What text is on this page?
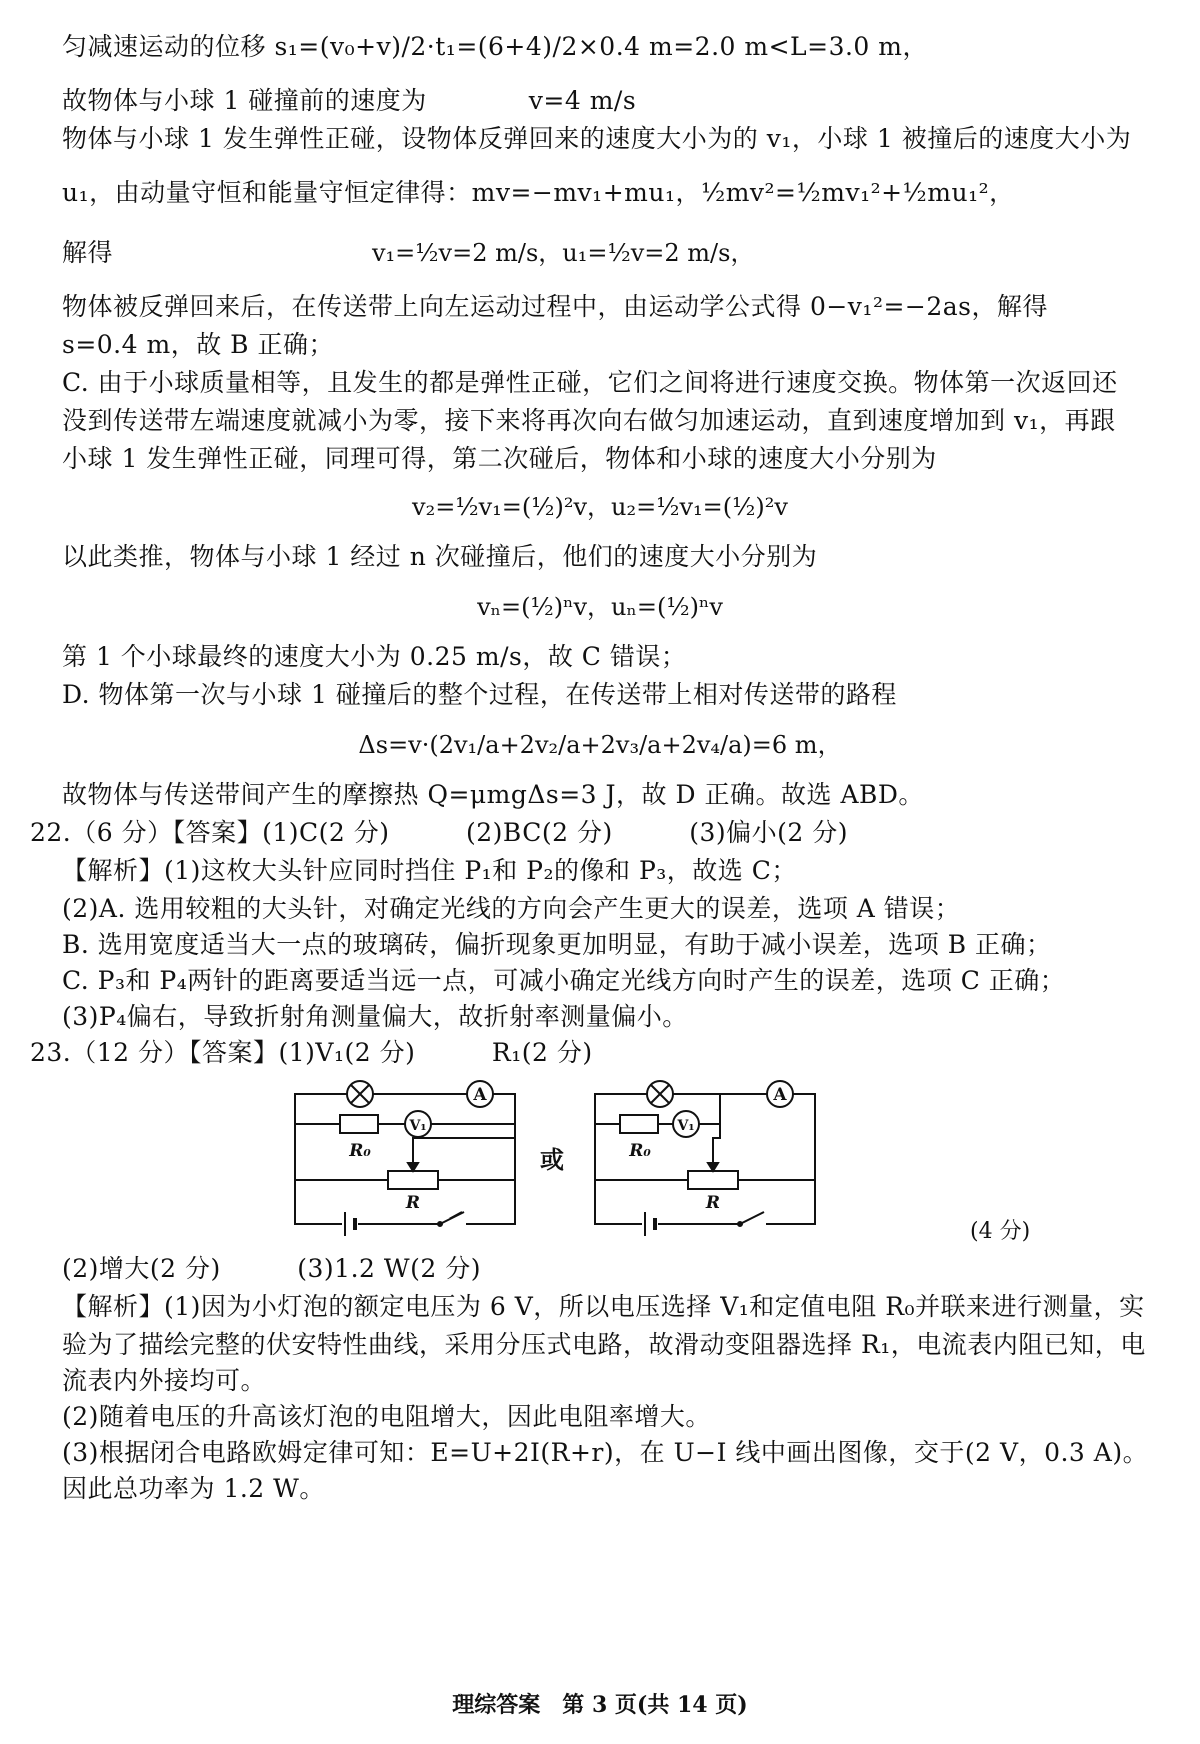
匀减速运动的位移 s₁=(v₀+v)/2·t₁=(6+4)/2×0.4 m=2.0 m<L=3.0 m，
故物体与小球 1 碰撞前的速度为　　　　v=4 m/s
物体与小球 1 发生弹性正碰，设物体反弹回来的速度大小为的 v₁，小球 1 被撞后的速度大小为
u₁，由动量守恒和能量守恒定律得：mv=−mv₁+mu₁，½mv²=½mv₁²+½mu₁²，
解得	v₁=½v=2 m/s，u₁=½v=2 m/s，
物体被反弹回来后，在传送带上向左运动过程中，由运动学公式得 0−v₁²=−2as，解得
s=0.4 m，故 B 正确；
C. 由于小球质量相等，且发生的都是弹性正碰，它们之间将进行速度交换。物体第一次返回还
没到传送带左端速度就减小为零，接下来将再次向右做匀加速运动，直到速度增加到 v₁，再跟
小球 1 发生弹性正碰，同理可得，第二次碰后，物体和小球的速度大小分别为
v₂=½v₁=(½)²v，u₂=½v₁=(½)²v
以此类推，物体与小球 1 经过 n 次碰撞后，他们的速度大小分别为
vₙ=(½)ⁿv，uₙ=(½)ⁿv
第 1 个小球最终的速度大小为 0.25 m/s，故 C 错误；
D. 物体第一次与小球 1 碰撞后的整个过程，在传送带上相对传送带的路程
Δs=v·(2v₁/a+2v₂/a+2v₃/a+2v₄/a)=6 m，
故物体与传送带间产生的摩擦热 Q=μmgΔs=3 J，故 D 正确。故选 ABD。
22.（6 分）【答案】(1)C(2 分)　　　(2)BC(2 分)　　　(3)偏小(2 分)
【解析】(1)这枚大头针应同时挡住 P₁和 P₂的像和 P₃，故选 C；
(2)A. 选用较粗的大头针，对确定光线的方向会产生更大的误差，选项 A 错误；
B. 选用宽度适当大一点的玻璃砖，偏折现象更加明显，有助于减小误差，选项 B 正确；
C. P₃和 P₄两针的距离要适当远一点，可减小确定光线方向时产生的误差，选项 C 正确；
(3)P₄偏右，导致折射角测量偏大，故折射率测量偏小。
23.（12 分）【答案】(1)V₁(2 分)　　　R₁(2 分)
A
V₁
R₀
R
A
V₁
R₀
R
或
(4 分)
(2)增大(2 分)　　　(3)1.2 W(2 分)
【解析】(1)因为小灯泡的额定电压为 6 V，所以电压选择 V₁和定值电阻 R₀并联来进行测量，实
验为了描绘完整的伏安特性曲线，采用分压式电路，故滑动变阻器选择 R₁，电流表内阻已知，电
流表内外接均可。
(2)随着电压的升高该灯泡的电阻增大，因此电阻率增大。
(3)根据闭合电路欧姆定律可知：E=U+2I(R+r)，在 U−I 线中画出图像，交于(2 V，0.3 A)。
因此总功率为 1.2 W。
理综答案　第 3 页(共 14 页)
